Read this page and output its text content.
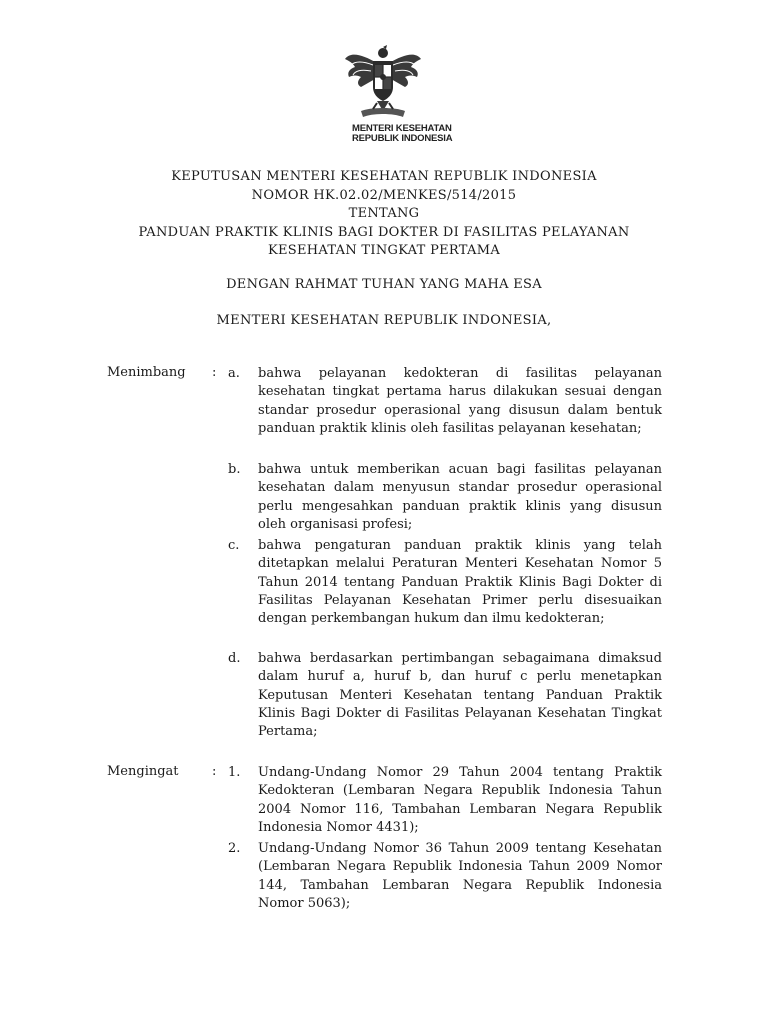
MENTERI KESEHATAN
REPUBLIK INDONESIA
KEPUTUSAN MENTERI KESEHATAN REPUBLIK INDONESIA
NOMOR HK.02.02/MENKES/514/2015
TENTANG
PANDUAN PRAKTIK KLINIS BAGI DOKTER DI FASILITAS PELAYANAN
KESEHATAN TINGKAT PERTAMA
DENGAN RAHMAT TUHAN YANG MAHA ESA
MENTERI KESEHATAN REPUBLIK INDONESIA,
Menimbang : a.	bahwa pelayanan kedokteran di fasilitas pelayanan kesehatan tingkat pertama harus dilakukan sesuai dengan standar prosedur operasional yang disusun dalam bentuk panduan praktik klinis oleh fasilitas pelayanan kesehatan;
b.	bahwa untuk memberikan acuan bagi fasilitas pelayanan kesehatan dalam menyusun standar prosedur operasional perlu mengesahkan panduan praktik klinis yang disusun oleh organisasi profesi;
c.	bahwa pengaturan panduan praktik klinis yang telah ditetapkan melalui Peraturan Menteri Kesehatan Nomor 5 Tahun 2014 tentang Panduan Praktik Klinis Bagi Dokter di Fasilitas Pelayanan Kesehatan Primer perlu disesuaikan dengan perkembangan hukum dan ilmu kedokteran;
d.	bahwa berdasarkan pertimbangan sebagaimana dimaksud dalam huruf a, huruf b, dan huruf c perlu menetapkan Keputusan Menteri Kesehatan tentang Panduan Praktik Klinis Bagi Dokter di Fasilitas Pelayanan Kesehatan Tingkat Pertama;
Mengingat	: 1.	Undang-Undang Nomor 29 Tahun 2004 tentang Praktik Kedokteran (Lembaran Negara Republik Indonesia Tahun 2004 Nomor 116, Tambahan Lembaran Negara Republik Indonesia Nomor 4431);
2.	Undang-Undang Nomor 36 Tahun 2009 tentang Kesehatan (Lembaran Negara Republik Indonesia Tahun 2009 Nomor 144, Tambahan Lembaran Negara Republik Indonesia Nomor 5063);
